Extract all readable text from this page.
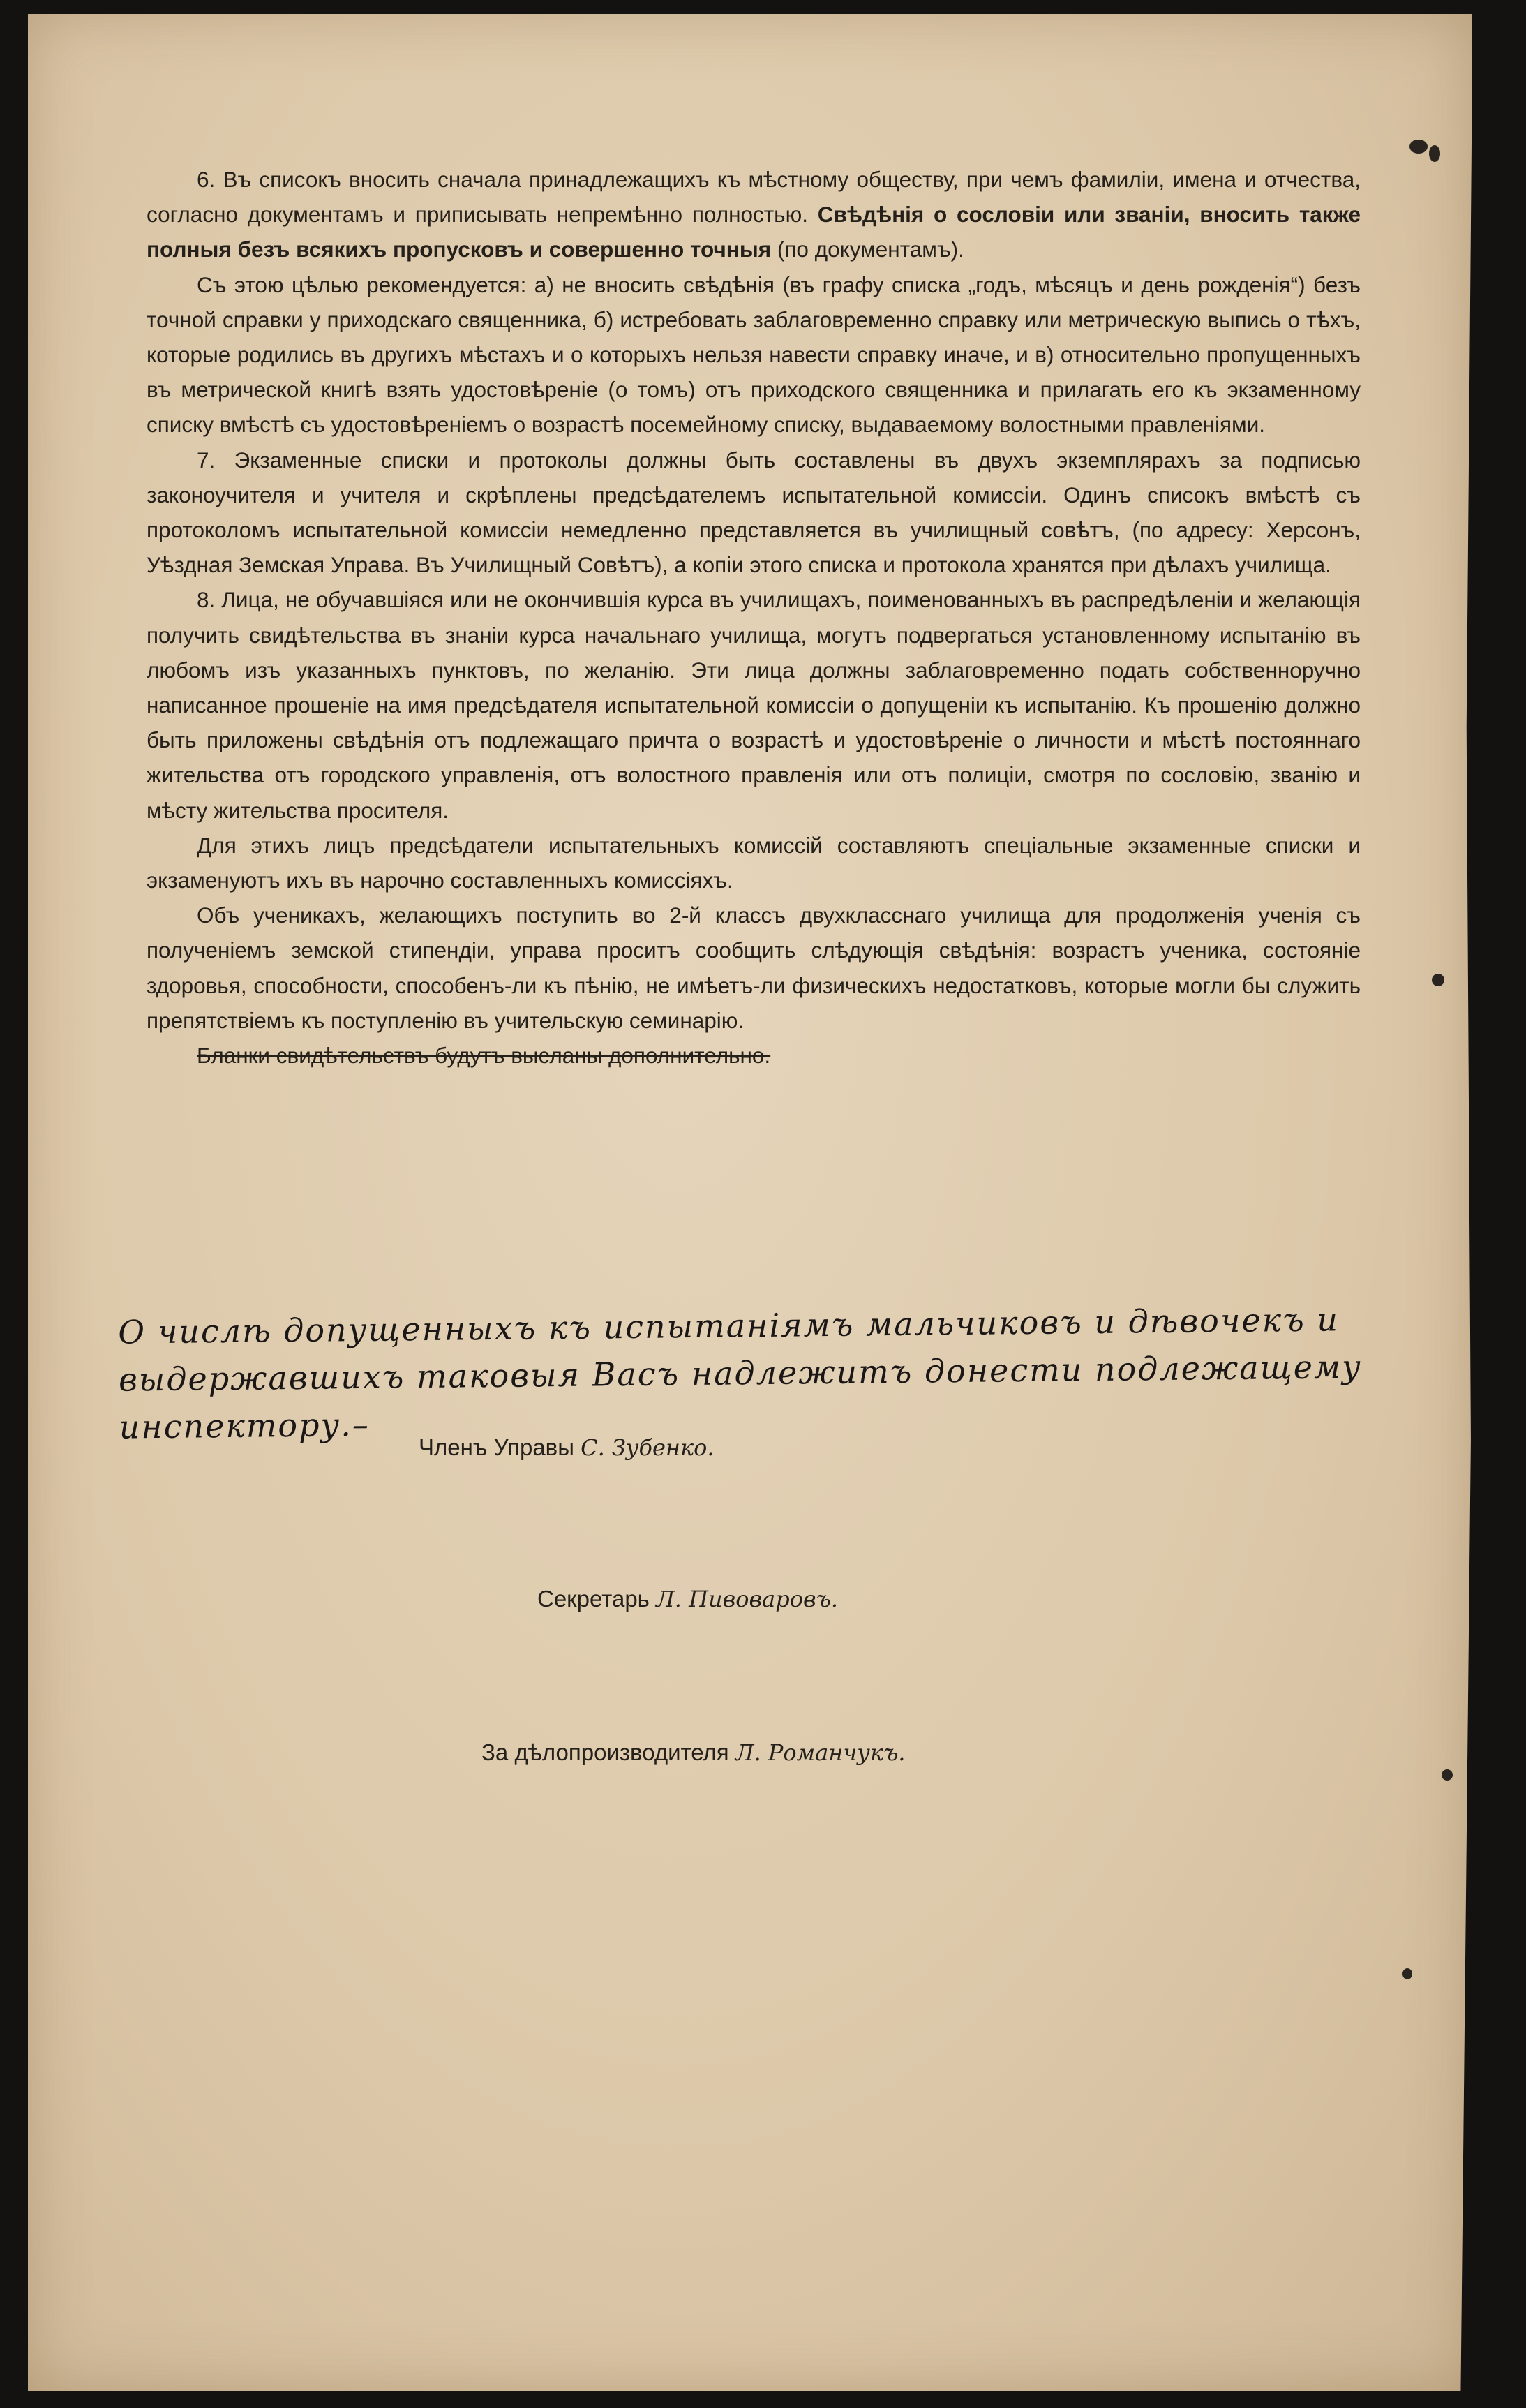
6. Въ списокъ вносить сначала принадлежащихъ къ мѣстному обществу, при чемъ фамиліи, имена и отчества, согласно документамъ и приписывать непремѣнно полностью. Свѣдѣнія о сословіи или званіи, вносить также полныя безъ всякихъ пропусковъ и совершенно точныя (по документамъ).

Съ этою цѣлью рекомендуется: а) не вносить свѣдѣнія (въ графу списка „годъ, мѣсяцъ и день рожденія“) безъ точной справки у приходскаго священника, б) истребовать заблаговременно справку или метрическую выпись о тѣхъ, которые родились въ другихъ мѣстахъ и о которыхъ нельзя навести справку иначе, и в) относительно пропущенныхъ въ метрической книгѣ взять удостовѣреніе (о томъ) отъ приходского священника и прилагать его къ экзаменному списку вмѣстѣ съ удостовѣреніемъ о возрастѣ посемейному списку, выдаваемому волостными правленіями.

7. Экзаменные списки и протоколы должны быть составлены въ двухъ экземплярахъ за подписью законоучителя и учителя и скрѣплены предсѣдателемъ испытательной комиссіи. Одинъ списокъ вмѣстѣ съ протоколомъ испытательной комиссіи немедленно представляется въ училищный совѣтъ, (по адресу: Херсонъ, Уѣздная Земская Управа. Въ Училищный Совѣтъ), а копіи этого списка и протокола хранятся при дѣлахъ училища.

8. Лица, не обучавшіяся или не окончившія курса въ училищахъ, поименованныхъ въ распредѣленіи и желающія получить свидѣтельства въ знаніи курса начальнаго училища, могутъ подвергаться установленному испытанію въ любомъ изъ указанныхъ пунктовъ, по желанію. Эти лица должны заблаговременно подать собственноручно написанное прошеніе на имя предсѣдателя испытательной комиссіи о допущеніи къ испытанію. Къ прошенію должно быть приложены свѣдѣнія отъ подлежащаго причта о возрастѣ и удостовѣреніе о личности и мѣстѣ постояннаго жительства отъ городского управленія, отъ волостного правленія или отъ полиціи, смотря по сословію, званію и мѣсту жительства просителя.

Для этихъ лицъ предсѣдатели испытательныхъ комиссій составляютъ спеціальные экзаменные списки и экзаменуютъ ихъ въ нарочно составленныхъ комиссіяхъ.

Объ ученикахъ, желающихъ поступить во 2-й классъ двухкласснаго училища для продолженія ученія съ полученіемъ земской стипендіи, управа проситъ сообщить слѣдующія свѣдѣнія: возрастъ ученика, состояніе здоровья, способности, способенъ-ли къ пѣнію, не имѣетъ-ли физическихъ недостатковъ, которые могли бы служить препятствіемъ къ поступленію въ учительскую семинарію.

Бланки свидѣтельствъ будутъ высланы дополнительно.

О числѣ допущенныхъ къ испытаніямъ мальчиковъ и дѣвочекъ и выдержавшихъ таковыя Васъ надлежитъ донести подлежащему инспектору.–
Членъ Управы С. Зубенко.
Секретарь Л. Пивоваровъ.
За дѣлопроизводителя Л. Романчукъ.
